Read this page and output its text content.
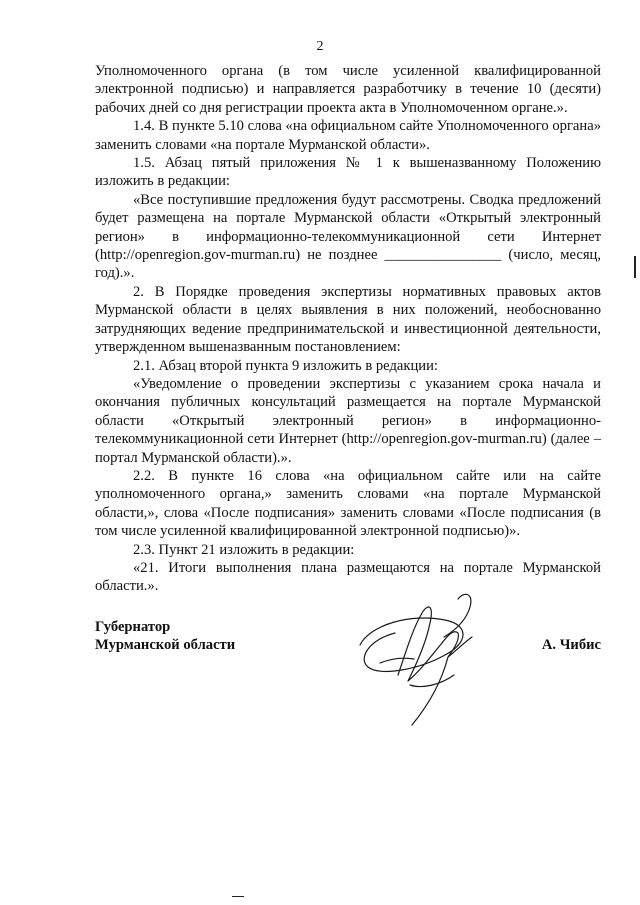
2

Уполномоченного органа (в том числе усиленной квалифицированной электронной подписью) и направляется разработчику в течение 10 (десяти) рабочих дней со дня регистрации проекта акта в Уполномоченном органе.».

1.4. В пункте 5.10 слова «на официальном сайте Уполномоченного органа» заменить словами «на портале Мурманской области».

1.5. Абзац пятый приложения № 1 к вышеназванному Положению изложить в редакции:

«Все поступившие предложения будут рассмотрены. Сводка предложений будет размещена на портале Мурманской области «Открытый электронный регион» в информационно-телекоммуникационной сети Интернет (http://openregion.gov-murman.ru) не позднее ________________ (число, месяц, год).».

2. В Порядке проведения экспертизы нормативных правовых актов Мурманской области в целях выявления в них положений, необоснованно затрудняющих ведение предпринимательской и инвестиционной деятельности, утвержденном вышеназванным постановлением:

2.1. Абзац второй пункта 9 изложить в редакции:

«Уведомление о проведении экспертизы с указанием срока начала и окончания публичных консультаций размещается на портале Мурманской области «Открытый электронный регион» в информационно-телекоммуникационной сети Интернет (http://openregion.gov-murman.ru) (далее – портал Мурманской области).».

2.2. В пункте 16 слова «на официальном сайте или на сайте уполномоченного органа,» заменить словами «на портале Мурманской области,», слова «После подписания» заменить словами «После подписания (в том числе усиленной квалифицированной электронной подписью)».

2.3. Пункт 21 изложить в редакции:

«21. Итоги выполнения плана размещаются на портале Мурманской области.».

Губернатор
Мурманской области	А. Чибис
